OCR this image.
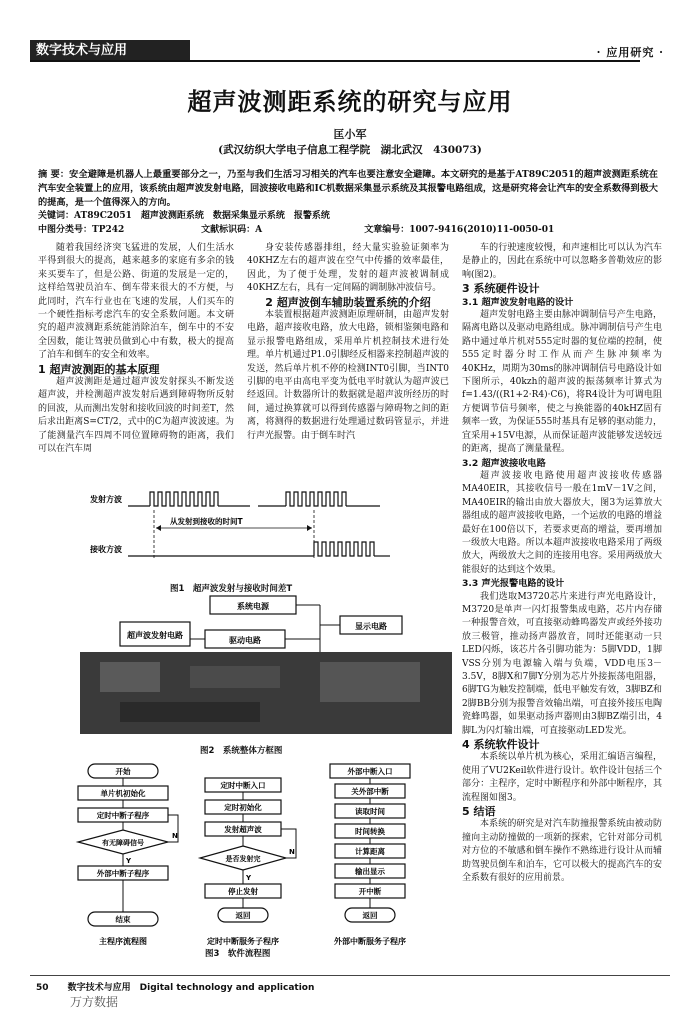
数字技术与应用	· 应用研究 ·
超声波测距系统的研究与应用
匡小军
(武汉纺织大学电子信息工程学院　湖北武汉　430073)
摘 要：安全避障是机器人上最重要部分之一，乃至与我们生活习习相关的汽车也要注意安全避障。本文研究的是基于AT89C2051的超声波测距系统在汽车安全装置上的应用，该系统由超声波发射电路，回波接收电路和IC机数据采集显示系统及其报警电路组成，这是研究将会让汽车的安全系数得到极大的提高，是一个值得深入的方向。
关键词：AT89C2051　超声波测距系统　数据采集显示系统　报警系统
中图分类号：TP242	文献标识码：A	文章编号：1007-9416(2010)11-0050-01

随着我国经济突飞猛进的发展，人们生活水平得到很大的提高，越来越多的家庭有多余的钱来买要车了，但是公路、街道的发展是一定的，这样给驾驶员泊车、倒车带来很大的不方便，与此同时，汽车行业也在飞速的发展，人们买车的一个硬性指标考虑汽车的安全系数问题。本文研究的超声波测距系统能消除泊车，倒车中的不安全因数，能让驾驶员做到心中有数，极大的提高了泊车和倒车的安全和效率。

1 超声波测距的基本原理

超声波测距是通过超声波发射探头不断发送超声波，并检测超声波发射后遇到障碍物所反射的回波，从而测出发射和接收回波的时间差T，然后求出距离S=CT/2，式中的C为超声波波速。为了能测量汽车四周不同位置障碍物的距离，我们可以在汽车周

身安装传感器排组，经大量实验验证频率为40KHZ左右的超声波在空气中传播的效率最佳，因此，为了便于处理，发射的超声波被调制成40KHZ左右，具有一定间隔的调制脉冲波信号。

2 超声波倒车辅助装置系统的介绍

本装置根据超声波测距原理研制，由超声发射电路，超声接收电路，放大电路，锁相鉴频电路和显示报警电路组成，采用单片机控制技术进行处理。单片机通过P1.0引脚经反相器来控制超声波的发送，然后单片机不停的检测INT0引脚，当INT0引脚的电平由高电平变为低电平时就认为超声波已经返回。计数器所计的数据就是超声波所经历的时间，通过换算就可以得到传感器与障碍物之间的距离，将测得的数据进行处理通过数码管显示，并进行声光报警。由于倒车时汽

车的行驶速度较慢，和声速相比可以认为汽车是静止的，因此在系统中可以忽略多普勒效应的影响(图2)。

3 系统硬件设计

3.1 超声波发射电路的设计

超声发射电路主要由脉冲调制信号产生电路，隔离电路以及驱动电路组成。脉冲调制信号产生电路中通过单片机对555定时器的复位端的控制，使555定时器分时工作从而产生脉冲频率为40KHz，周期为30ms的脉冲调制信号电路设计如下图所示，40kzh的超声波的振荡频率计算式为f=1.43/((R1+2·R4)·C6)，将R4设计为可调电阻方便调节信号频率，使之与换能器的40kHZ固有频率一致，为保证555时基具有足够的驱动能力，宜采用+15V电源，从而保证超声波能够发送较远的距离，提高了测量量程。

3.2 超声波接收电路

超声波接收电路使用超声波接收传感器MA40EIR，其接收信号一般在1mV－1V之间，MA40EIR的输出由放大器放大，图3为运算放大器组成的超声波接收电路，一个运放的电路的增益最好在100倍以下，若要求更高的增益，要再增加一级放大电路。所以本超声波接收电路采用了两级放大，两级放大之间的连接用电容。采用两级放大能很好的达到这个效果。

3.3 声光报警电路的设计

我们选取M3720芯片来进行声光电路设计，M3720是单声一闪灯报警集成电路，芯片内存储一种报警音效，可直接驱动蜂鸣器发声或经外接功放三极管，推动扬声器放音，同时还能驱动一只LED闪烁，该芯片各引脚功能为：5脚VDD，1脚VSS分别为电源输入端与负端，VDD电压3－3.5V，8脚X和7脚Y分别为芯片外接振荡电阻器，6脚TG为触发控制端，低电平触发有效，3脚BZ和2脚BB分别为报警音效输出端，可直接外接压电陶瓷蜂鸣器，如果驱动扬声器则由3脚BZ端引出，4脚L为闪灯输出端，可直接驱动LED发光。

4 系统软件设计

本系统以单片机为核心，采用汇编语言编程，使用了VU2Keil软件进行设计。软件设计包括三个部分：主程序，定时中断程序和外部中断程序，其流程图如图3。

5 结语

本系统的研究是对汽车防撞报警系统由被动防撞向主动防撞做的一项新的探索，它针对部分司机对方位的不敏感和倒车操作不熟练进行设计从而辅助驾驶员倒车和泊车，它可以极大的提高汽车的安全系数有很好的应用前景。

发射方波
接收方波
从发射到接收的时间T
图1　超声波发射与接收时间差T
系统电源
超声波发射电路
驱动电路
显示电路
图2　系统整体方框图
开始
单片机初始化
定时中断子程序
有无障碍信号
N
Y
外部中断子程序
结束
主程序流程图
定时中断入口
定时初始化
发射超声波
是否发射完
N
Y
停止发射
返回
定时中断服务子程序
外部中断入口
关外部中断
读取时间
时间转换
计算距离
输出显示
开中断
返回
外部中断服务子程序
图3　软件流程图
50 数字技术与应用　Digital technology and application
万方数据
